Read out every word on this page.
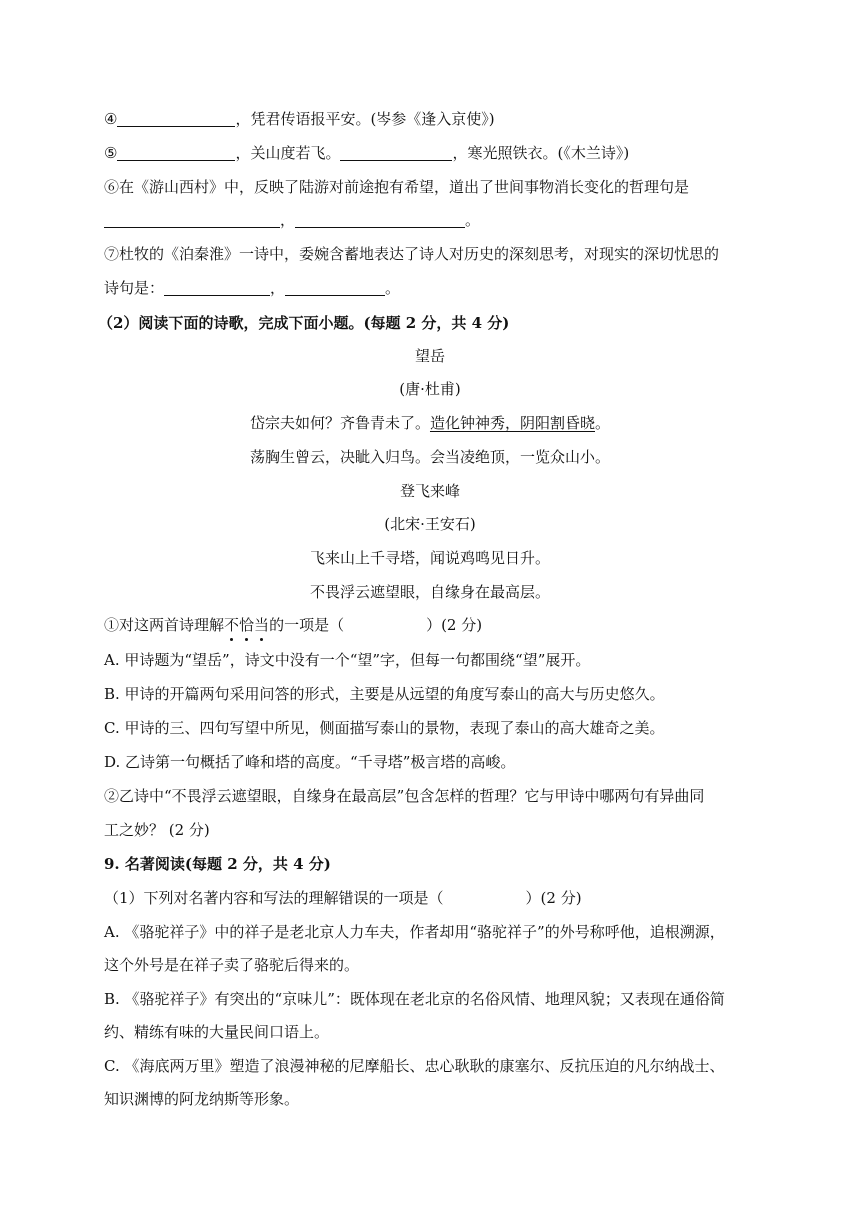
④	，凭君传语报平安。(岑参《逢入京使》)
⑤	，关山度若飞。	，寒光照铁衣。(《木兰诗》)
⑥在《游山西村》中，反映了陆游对前途抱有希望，道出了世间事物消长变化的哲理句是
，	。
⑦杜牧的《泊秦淮》一诗中，委婉含蓄地表达了诗人对历史的深刻思考，对现实的深切忧思的
诗句是：	，	。
（2）阅读下面的诗歌，完成下面小题。(每题 2 分，共 4 分)
望岳
(唐·杜甫)
岱宗夫如何？齐鲁青未了。造化钟神秀，阴阳割昏晓。
荡胸生曾云，决眦入归鸟。会当凌绝顶，一览众山小。
登飞来峰
(北宋·王安石)
飞来山上千寻塔，闻说鸡鸣见日升。
不畏浮云遮望眼，自缘身在最高层。
①对这两首诗理解不恰当的一项是（	）(2 分)
A. 甲诗题为“望岳”，诗文中没有一个“望”字，但每一句都围绕“望”展开。
B. 甲诗的开篇两句采用问答的形式，主要是从远望的角度写泰山的高大与历史悠久。
C. 甲诗的三、四句写望中所见，侧面描写泰山的景物，表现了泰山的高大雄奇之美。
D. 乙诗第一句概括了峰和塔的高度。“千寻塔”极言塔的高峻。
②乙诗中“不畏浮云遮望眼，自缘身在最高层”包含怎样的哲理？它与甲诗中哪两句有异曲同
工之妙？ (2 分)
9. 名著阅读(每题 2 分，共 4 分)
（1）下列对名著内容和写法的理解错误的一项是（	）(2 分)
A. 《骆驼祥子》中的祥子是老北京人力车夫，作者却用“骆驼祥子”的外号称呼他，追根溯源，
这个外号是在祥子卖了骆驼后得来的。
B. 《骆驼祥子》有突出的“京味儿”：既体现在老北京的名俗风情、地理风貌；又表现在通俗简
约、精练有味的大量民间口语上。
C. 《海底两万里》塑造了浪漫神秘的尼摩船长、忠心耿耿的康塞尔、反抗压迫的凡尔纳战士、
知识渊博的阿龙纳斯等形象。
